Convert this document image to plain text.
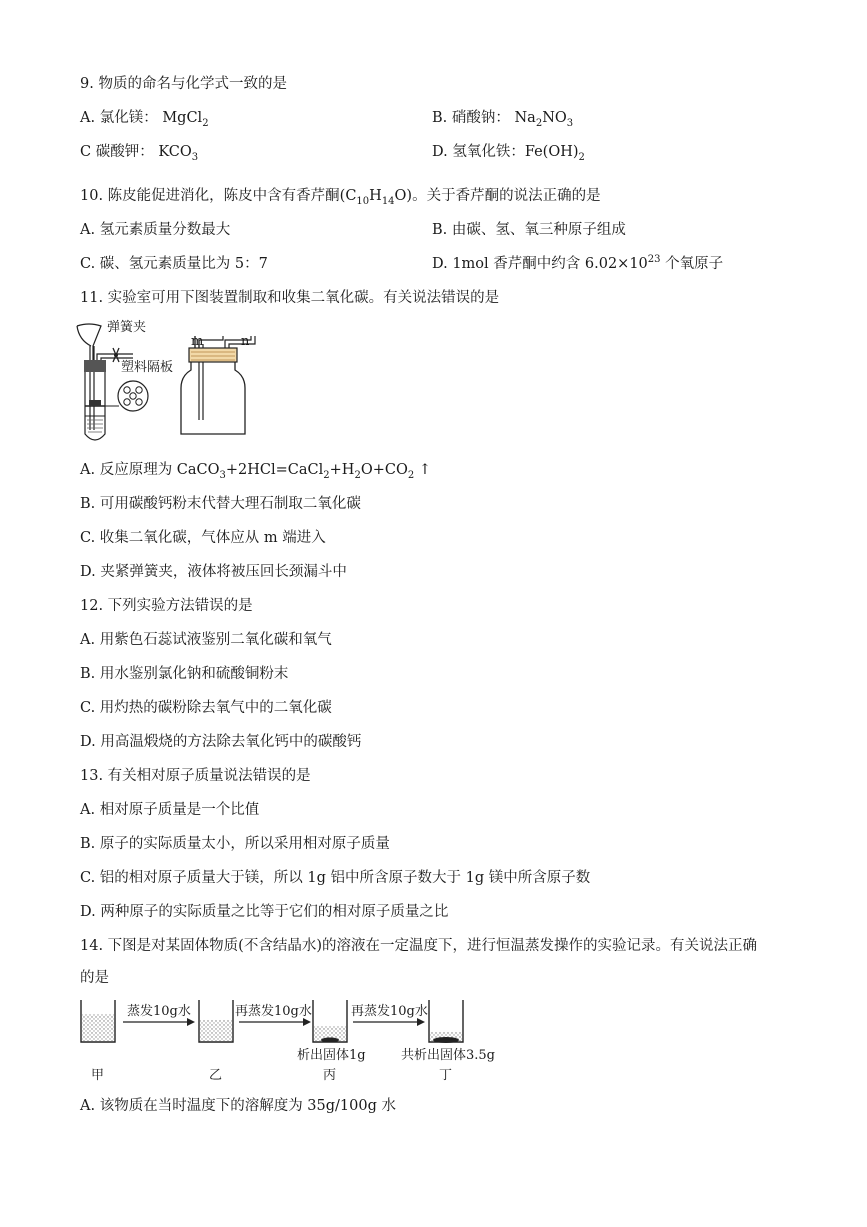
9. 物质的命名与化学式一致的是
A. 氯化镁： MgCl$_2$	B. 硝酸钠： $Na_2NO_3$
C 碳酸钾： $KCO_3$	D. 氢氧化铁：$Fe(OH)_2$
10. 陈皮能促进消化，陈皮中含有香芹酮$(C_{10}H_{14}O)$。关于香芹酮的说法正确的是
A. 氢元素质量分数最大	B. 由碳、氢、氧三种原子组成
C. 碳、氢元素质量比为 5：7	D. 1mol 香芹酮中约含 $6.02\times 10^{23}$ 个氧原子
11. 实验室可用下图装置制取和收集二氧化碳。有关说法错误的是
弹簧夹
塑料隔板
m	n
A. 反应原理为 $CaCO_3+2HCl=CaCl_2+H_2O+CO_2$ ↑
B. 可用碳酸钙粉末代替大理石制取二氧化碳
C. 收集二氧化碳，气体应从 m 端进入
D. 夹紧弹簧夹，液体将被压回长颈漏斗中
12. 下列实验方法错误的是
A. 用紫色石蕊试液鉴别二氧化碳和氧气
B. 用水鉴别氯化钠和硫酸铜粉末
C. 用灼热的碳粉除去氧气中的二氧化碳
D. 用高温煅烧的方法除去氧化钙中的碳酸钙
13. 有关相对原子质量说法错误的是
A. 相对原子质量是一个比值
B. 原子的实际质量太小，所以采用相对原子质量
C. 铝的相对原子质量大于镁，所以 1g 铝中所含原子数大于 1g 镁中所含原子数
D. 两种原子的实际质量之比等于它们的相对原子质量之比
14. 下图是对某固体物质(不含结晶水)的溶液在一定温度下，进行恒温蒸发操作的实验记录。有关说法正确
的是
蒸发10g水	再蒸发10g水	再蒸发10g水
析出固体1g	共析出固体3.5g
甲	乙	丙	丁
A. 该物质在当时温度下的溶解度为 35g/100g 水
